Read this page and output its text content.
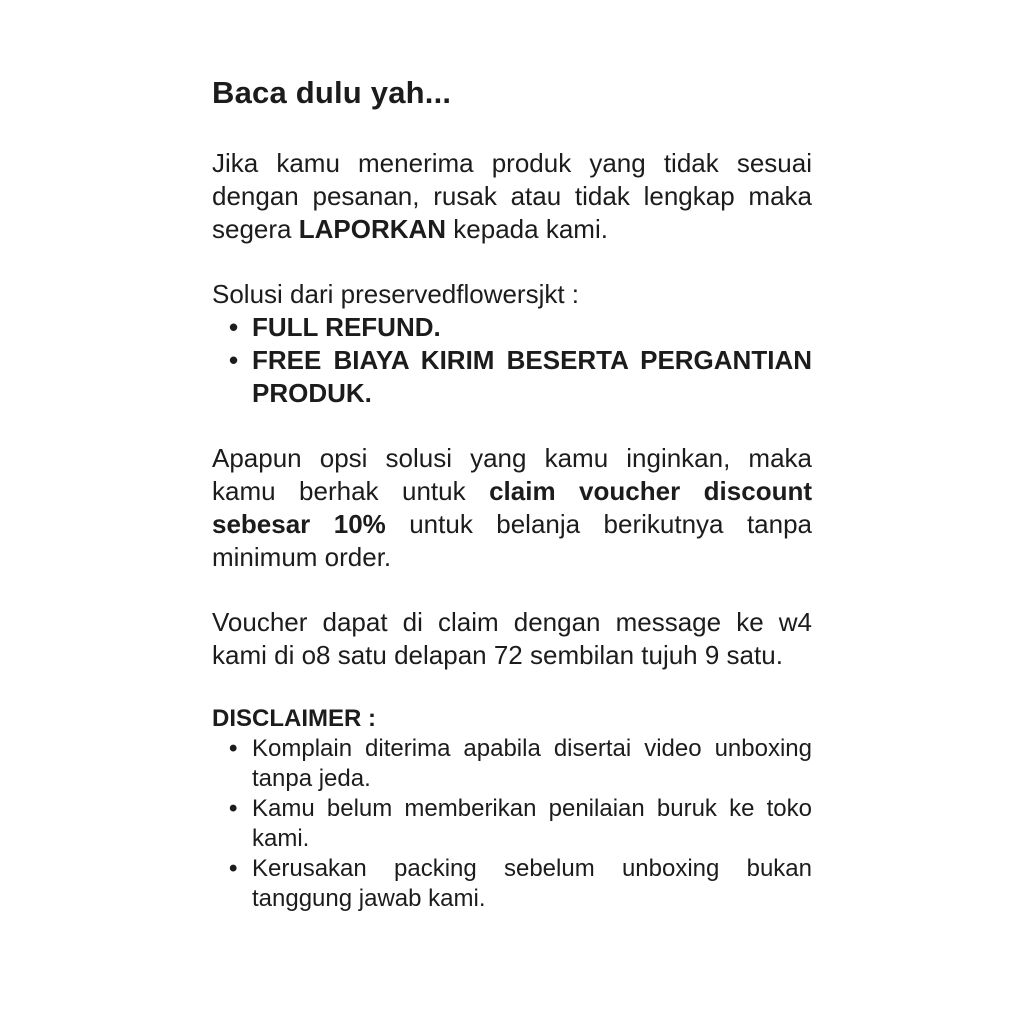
Baca dulu yah...

Jika kamu menerima produk yang tidak sesuai dengan pesanan, rusak atau tidak lengkap maka segera LAPORKAN kepada kami.

Solusi dari preservedflowersjkt :

• FULL REFUND.
• FREE BIAYA KIRIM BESERTA PERGANTIAN PRODUK.

Apapun opsi solusi yang kamu inginkan, maka kamu berhak untuk claim voucher discount sebesar 10% untuk belanja berikutnya tanpa minimum order.

Voucher dapat di claim dengan message ke w4 kami di o8 satu delapan 72 sembilan tujuh 9 satu.

DISCLAIMER :

• Komplain diterima apabila disertai video unboxing tanpa jeda.
• Kamu belum memberikan penilaian buruk ke toko kami.
• Kerusakan packing sebelum unboxing bukan tanggung jawab kami.
